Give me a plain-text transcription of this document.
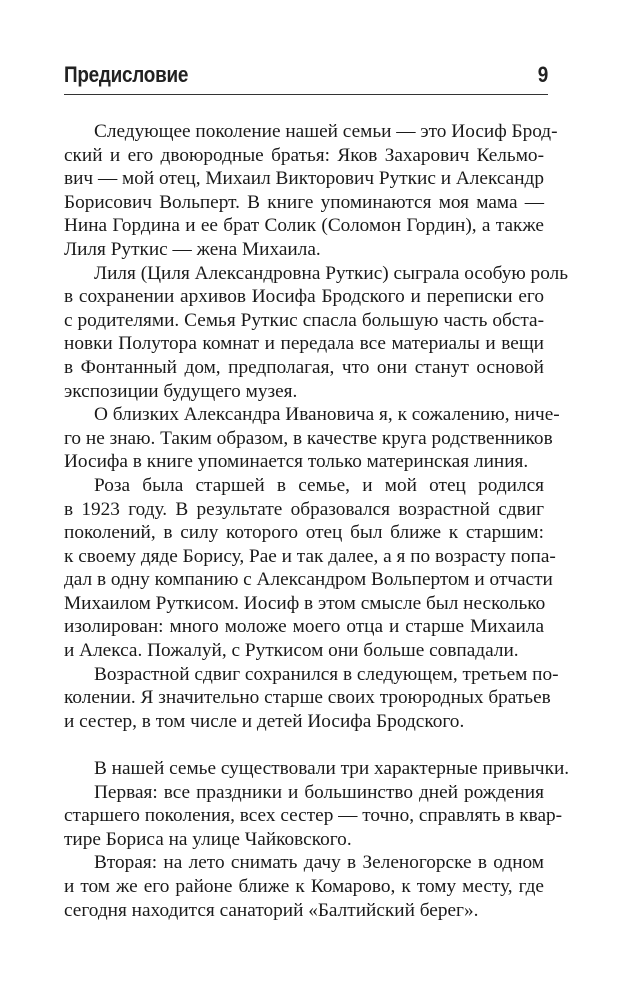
Предисловие	9
Следующее поколение нашей семьи — это Иосиф Брод-
ский и его двоюродные братья: Яков Захарович Кельмо-
вич — мой отец, Михаил Викторович Руткис и Александр
Борисович Вольперт. В книге упоминаются моя мама —
Нина Гордина и ее брат Солик (Соломон Гордин), а также
Лиля Руткис — жена Михаила.
Лиля (Циля Александровна Руткис) сыграла особую роль
в сохранении архивов Иосифа Бродского и переписки его
с родителями. Семья Руткис спасла большую часть обста-
новки Полутора комнат и передала все материалы и вещи
в Фонтанный дом, предполагая, что они станут основой
экспозиции будущего музея.
О близких Александра Ивановича я, к сожалению, ниче-
го не знаю. Таким образом, в качестве круга родственников
Иосифа в книге упоминается только материнская линия.
Роза была старшей в семье, и мой отец родился
в 1923 году. В результате образовался возрастной сдвиг
поколений, в силу которого отец был ближе к старшим:
к своему дяде Борису, Рае и так далее, а я по возрасту попа-
дал в одну компанию с Александром Вольпертом и отчасти
Михаилом Руткисом. Иосиф в этом смысле был несколько
изолирован: много моложе моего отца и старше Михаила
и Алекса. Пожалуй, с Руткисом они больше совпадали.
Возрастной сдвиг сохранился в следующем, третьем по-
колении. Я значительно старше своих троюродных братьев
и сестер, в том числе и детей Иосифа Бродского.
В нашей семье существовали три характерные привычки.
Первая: все праздники и большинство дней рождения
старшего поколения, всех сестер — точно, справлять в квар-
тире Бориса на улице Чайковского.
Вторая: на лето снимать дачу в Зеленогорске в одном
и том же его районе ближе к Комарово, к тому месту, где
сегодня находится санаторий «Балтийский берег».
